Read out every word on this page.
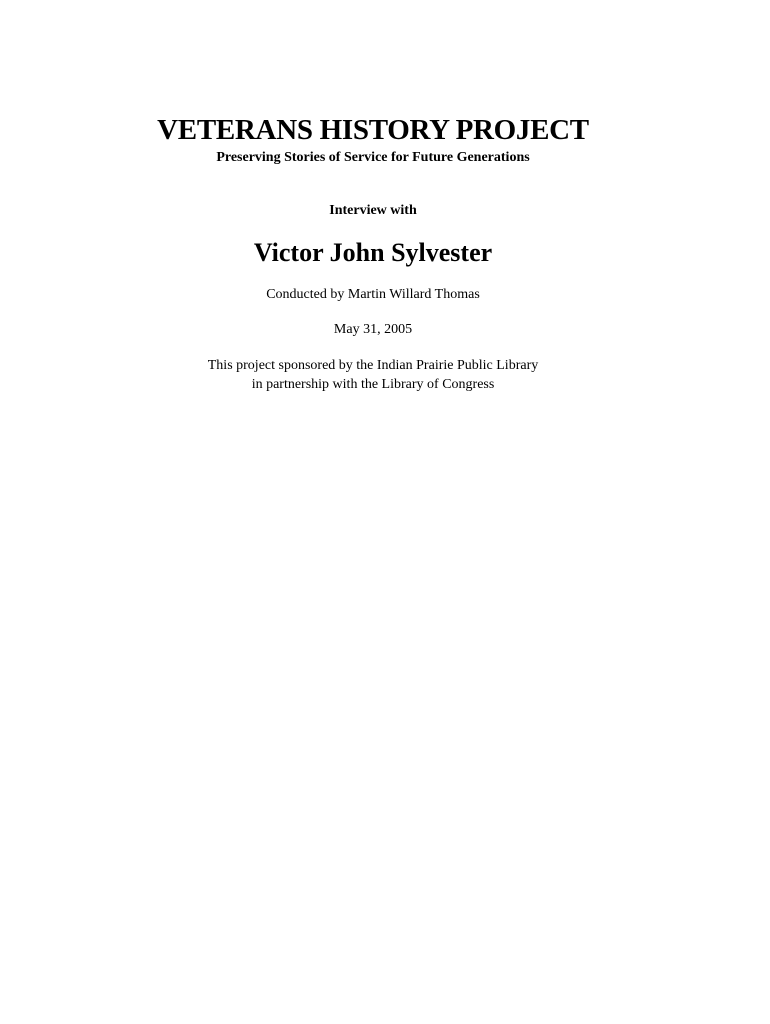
VETERANS HISTORY PROJECT
Preserving Stories of Service for Future Generations
Interview with
Victor John Sylvester
Conducted by Martin Willard Thomas
May 31, 2005
This project sponsored by the Indian Prairie Public Library
in partnership with the Library of Congress
